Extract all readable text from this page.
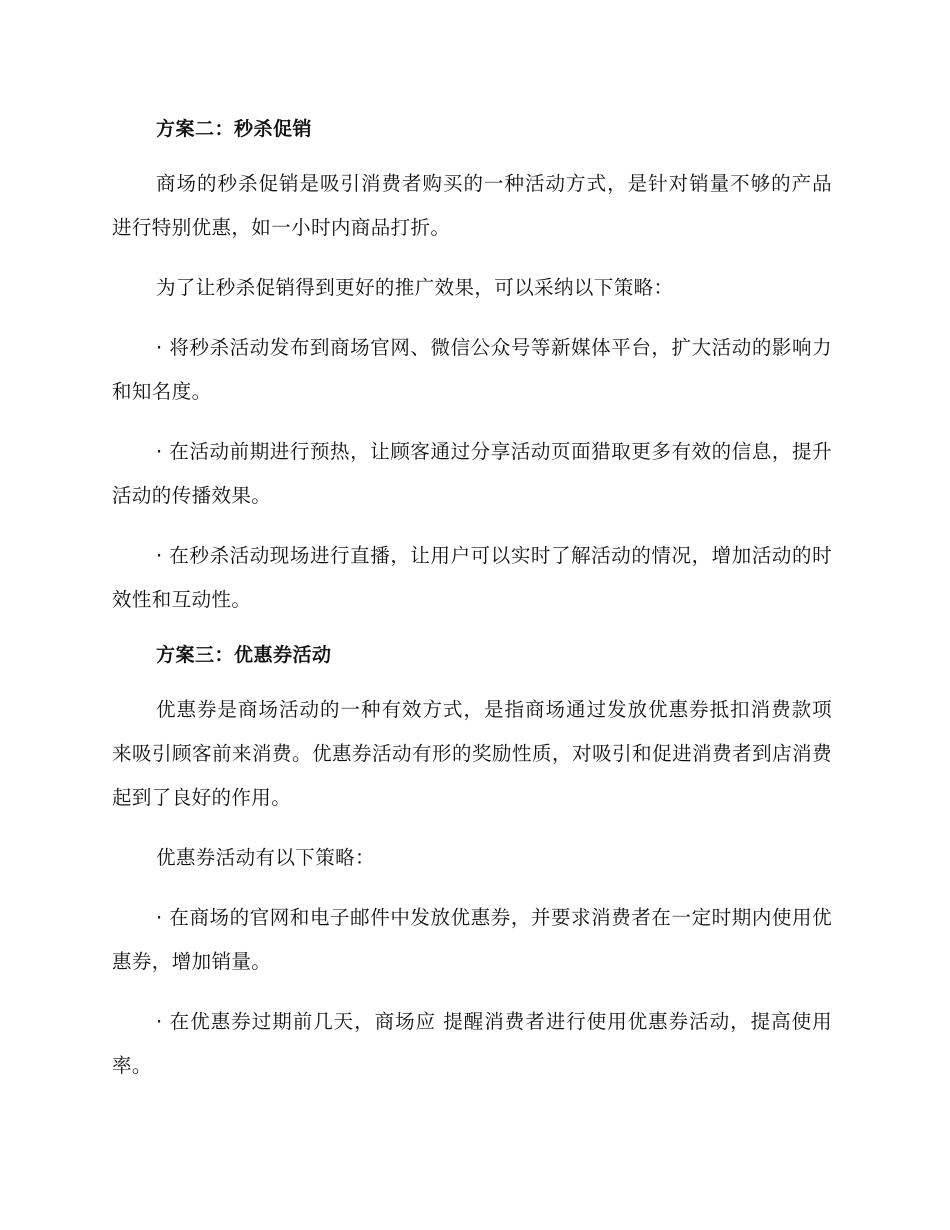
方案二：秒杀促销
商场的秒杀促销是吸引消费者购买的一种活动方式，是针对销量不够的产品进行特别优惠，如一小时内商品打折。
为了让秒杀促销得到更好的推广效果，可以采纳以下策略：
· 将秒杀活动发布到商场官网、微信公众号等新媒体平台，扩大活动的影响力和知名度。
· 在活动前期进行预热，让顾客通过分享活动页面猎取更多有效的信息，提升活动的传播效果。
· 在秒杀活动现场进行直播，让用户可以实时了解活动的情况，增加活动的时效性和互动性。
方案三：优惠券活动
优惠券是商场活动的一种有效方式，是指商场通过发放优惠券抵扣消费款项来吸引顾客前来消费。优惠券活动有形的奖励性质，对吸引和促进消费者到店消费起到了良好的作用。
优惠券活动有以下策略：
· 在商场的官网和电子邮件中发放优惠券，并要求消费者在一定时期内使用优惠券，增加销量。
· 在优惠券过期前几天，商场应 提醒消费者进行使用优惠券活动，提高使用率。
